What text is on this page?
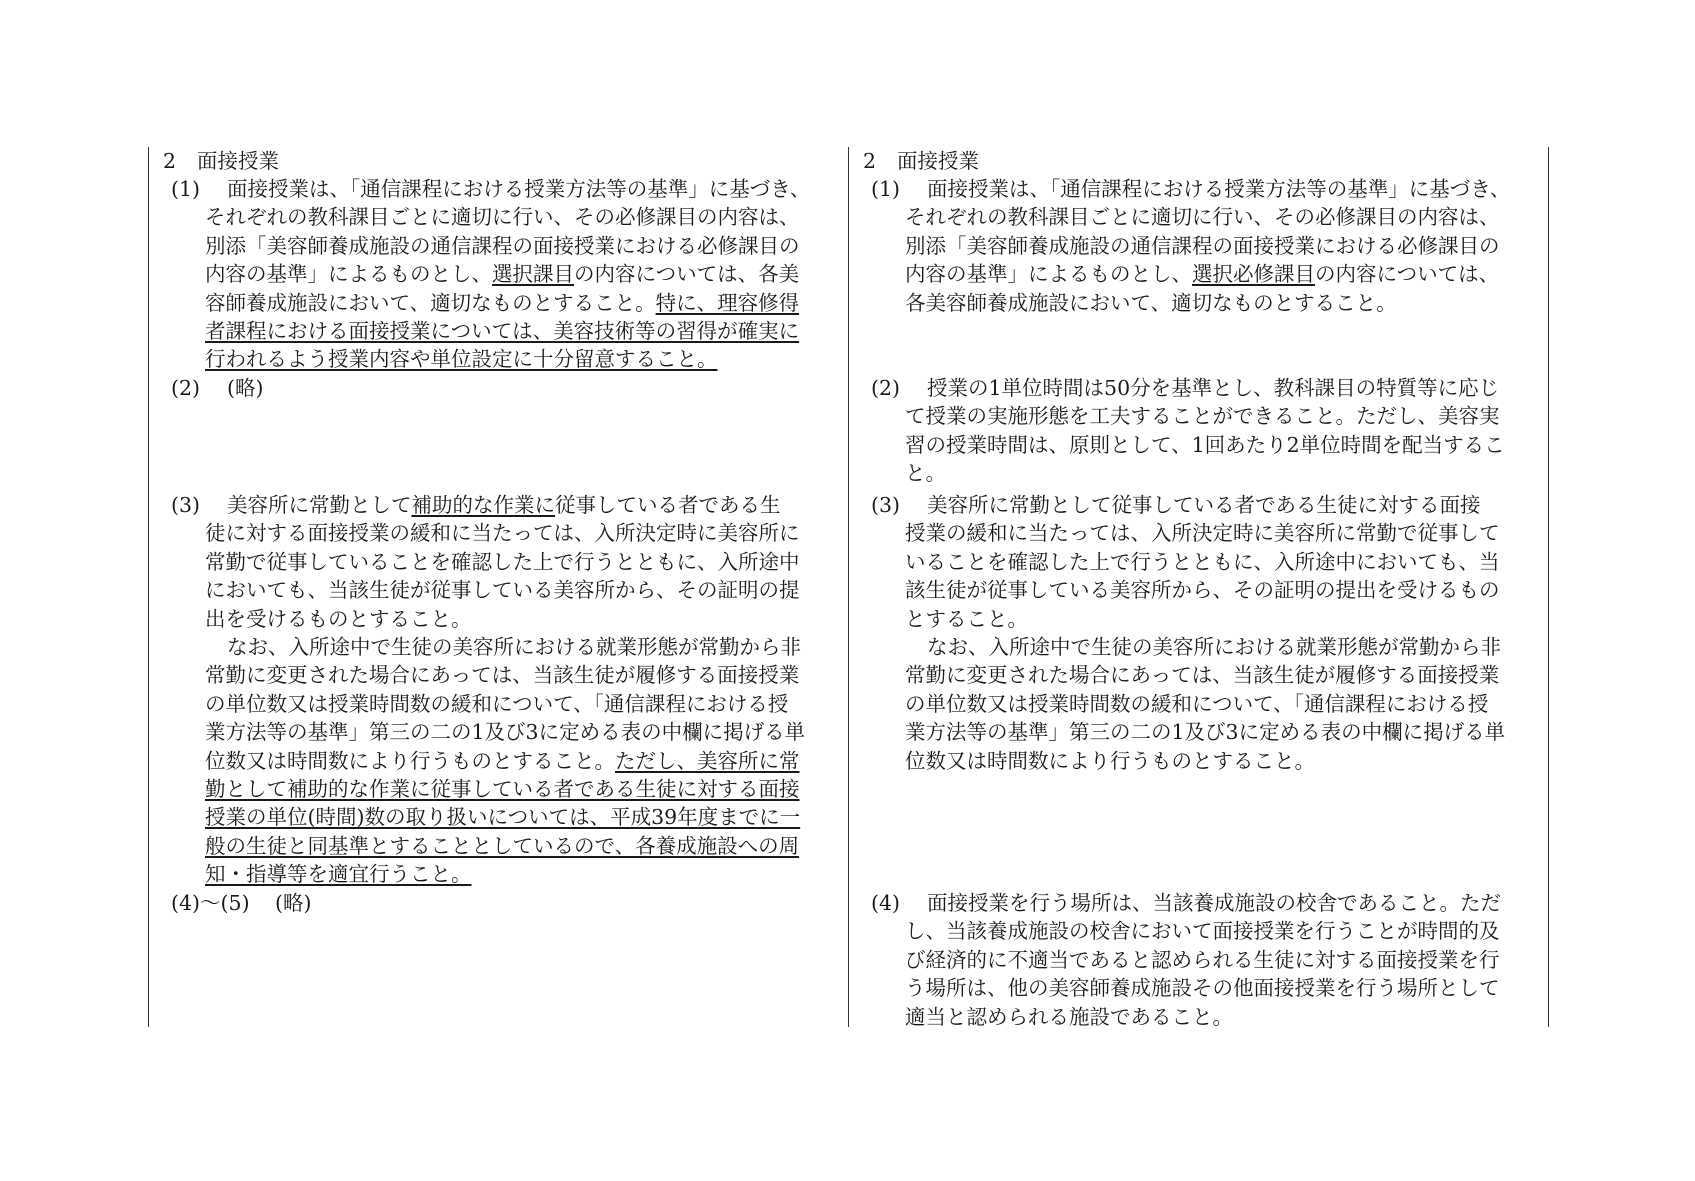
2 面接授業
(1) 面接授業は、「通信課程における授業方法等の基準」に基づき、
それぞれの教科課目ごとに適切に行い、その必修課目の内容は、
別添「美容師養成施設の通信課程の面接授業における必修課目の
内容の基準」によるものとし、選択課目の内容については、各美
容師養成施設において、適切なものとすること。特に、理容修得
者課程における面接授業については、美容技術等の習得が確実に
行われるよう授業内容や単位設定に十分留意すること。
(2) (略)
(3) 美容所に常勤として補助的な作業に従事している者である生
徒に対する面接授業の緩和に当たっては、入所決定時に美容所に
常勤で従事していることを確認した上で行うとともに、入所途中
においても、当該生徒が従事している美容所から、その証明の提
出を受けるものとすること。
なお、入所途中で生徒の美容所における就業形態が常勤から非
常勤に変更された場合にあっては、当該生徒が履修する面接授業
の単位数又は授業時間数の緩和について、「通信課程における授
業方法等の基準」第三の二の1及び3に定める表の中欄に掲げる単
位数又は時間数により行うものとすること。ただし、美容所に常
勤として補助的な作業に従事している者である生徒に対する面接
授業の単位(時間)数の取り扱いについては、平成39年度までに一
般の生徒と同基準とすることとしているので、各養成施設への周
知・指導等を適宜行うこと。
(4)〜(5) (略)
2 面接授業
(1) 面接授業は、「通信課程における授業方法等の基準」に基づき、
それぞれの教科課目ごとに適切に行い、その必修課目の内容は、
別添「美容師養成施設の通信課程の面接授業における必修課目の
内容の基準」によるものとし、選択必修課目の内容については、
各美容師養成施設において、適切なものとすること。
(2) 授業の1単位時間は50分を基準とし、教科課目の特質等に応じ
て授業の実施形態を工夫することができること。ただし、美容実
習の授業時間は、原則として、1回あたり2単位時間を配当するこ
と。
(3) 美容所に常勤として従事している者である生徒に対する面接
授業の緩和に当たっては、入所決定時に美容所に常勤で従事して
いることを確認した上で行うとともに、入所途中においても、当
該生徒が従事している美容所から、その証明の提出を受けるもの
とすること。
なお、入所途中で生徒の美容所における就業形態が常勤から非
常勤に変更された場合にあっては、当該生徒が履修する面接授業
の単位数又は授業時間数の緩和について、「通信課程における授
業方法等の基準」第三の二の1及び3に定める表の中欄に掲げる単
位数又は時間数により行うものとすること。
(4) 面接授業を行う場所は、当該養成施設の校舎であること。ただ
し、当該養成施設の校舎において面接授業を行うことが時間的及
び経済的に不適当であると認められる生徒に対する面接授業を行
う場所は、他の美容師養成施設その他面接授業を行う場所として
適当と認められる施設であること。
